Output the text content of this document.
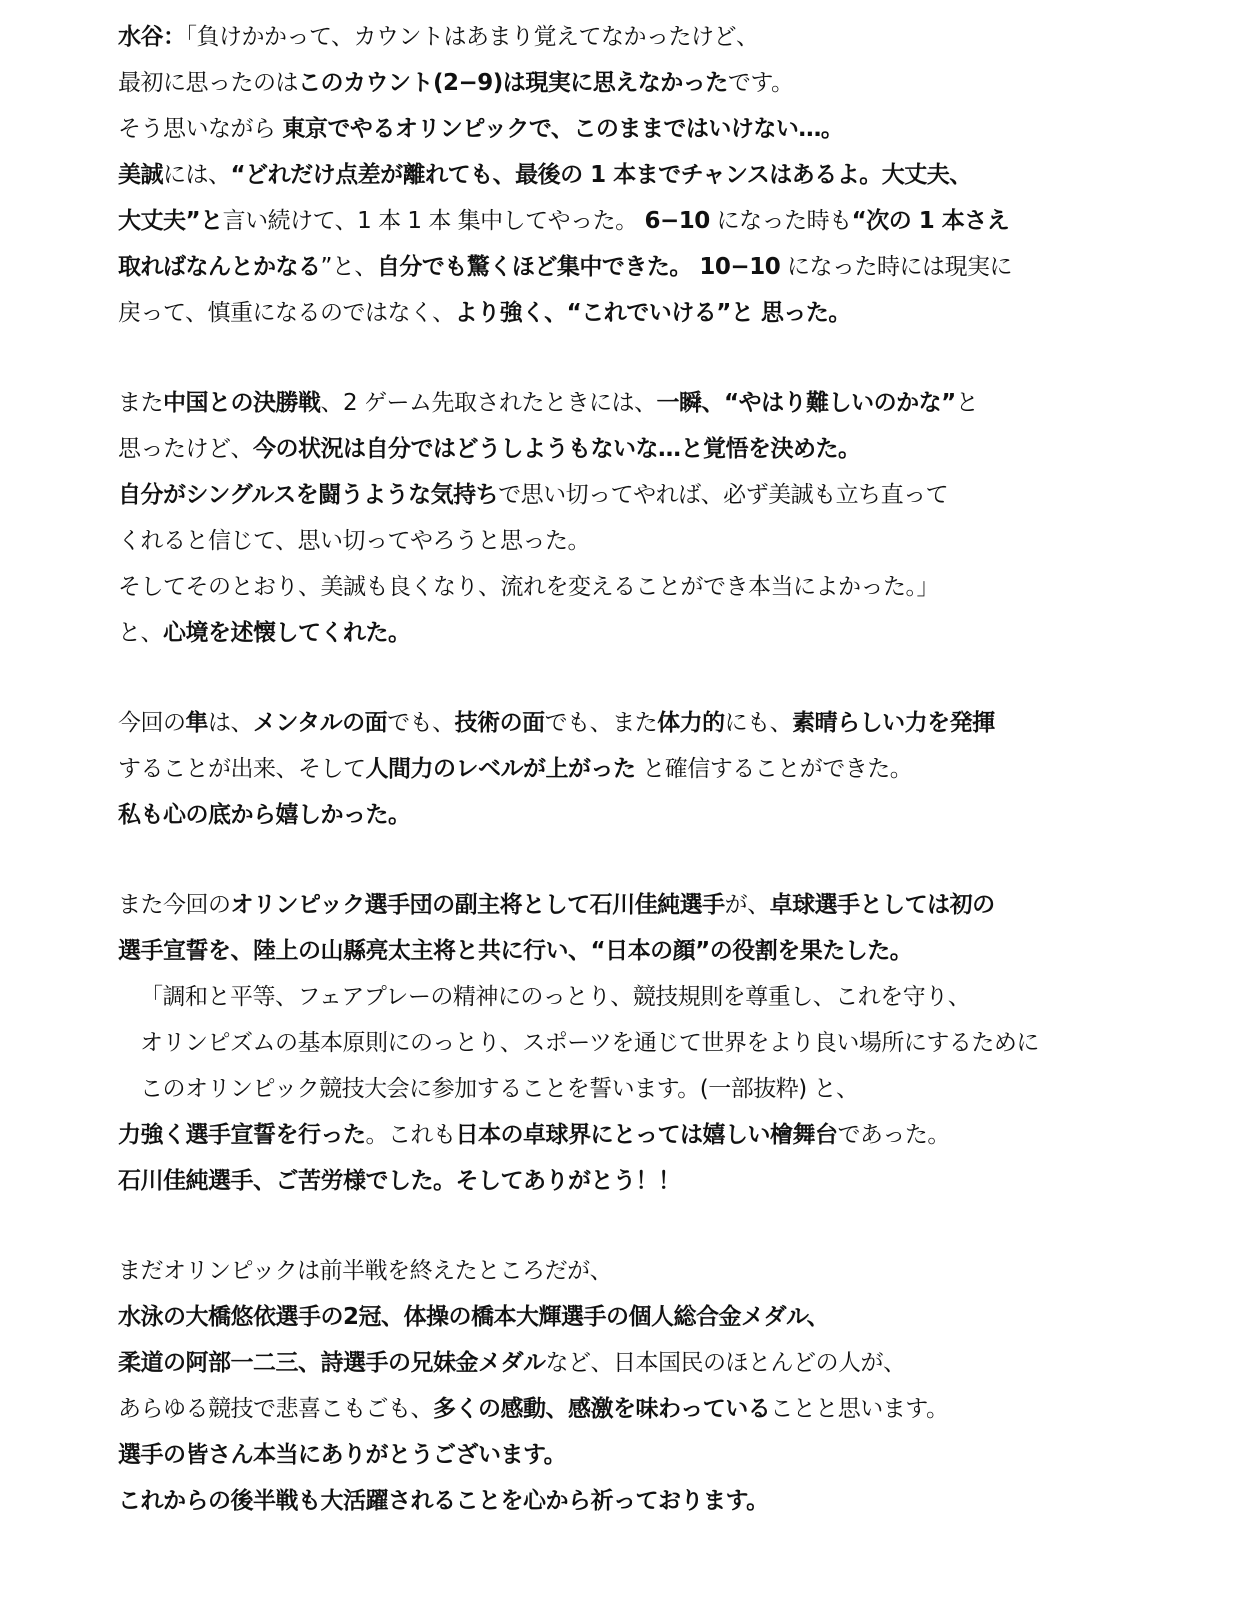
水谷：「負けかかって、カウントはあまり覚えてなかったけど、
最初に思ったのはこのカウント(2−9)は現実に思えなかったです。
そう思いながら 東京でやるオリンピックで、このままではいけない…。
美誠には、“どれだけ点差が離れても、最後の 1 本までチャンスはあるよ。大丈夫、
大丈夫”と言い続けて、1 本 1 本 集中してやった。 6−10 になった時も“次の 1 本さえ
取ればなんとかなる”と、自分でも驚くほど集中できた。 10−10 になった時には現実に
戻って、慎重になるのではなく、より強く、“これでいける”と 思った。
また中国との決勝戦、2 ゲーム先取されたときには、一瞬、“やはり難しいのかな”と
思ったけど、今の状況は自分ではどうしようもないな…と覚悟を決めた。
自分がシングルスを闘うような気持ちで思い切ってやれば、必ず美誠も立ち直って
くれると信じて、思い切ってやろうと思った。
そしてそのとおり、美誠も良くなり、流れを変えることができ本当によかった。」
と、心境を述懐してくれた。
今回の隼は、メンタルの面でも、技術の面でも、また体力的にも、素晴らしい力を発揮
することが出来、そして人間力のレベルが上がった と確信することができた。
私も心の底から嬉しかった。
また今回のオリンピック選手団の副主将として石川佳純選手が、卓球選手としては初の
選手宣誓を、陸上の山縣亮太主将と共に行い、“日本の顔”の役割を果たした。
「調和と平等、フェアプレーの精神にのっとり、競技規則を尊重し、これを守り、
オリンピズムの基本原則にのっとり、スポーツを通じて世界をより良い場所にするために
このオリンピック競技大会に参加することを誓います。(一部抜粋) と、
力強く選手宣誓を行った。これも日本の卓球界にとっては嬉しい檜舞台であった。
石川佳純選手、ご苦労様でした。そしてありがとう！！
まだオリンピックは前半戦を終えたところだが、
水泳の大橋悠依選手の2冠、体操の橋本大輝選手の個人総合金メダル、
柔道の阿部一二三、詩選手の兄妹金メダルなど、日本国民のほとんどの人が、
あらゆる競技で悲喜こもごも、多くの感動、感激を味わっていることと思います。
選手の皆さん本当にありがとうございます。
これからの後半戦も大活躍されることを心から祈っております。
